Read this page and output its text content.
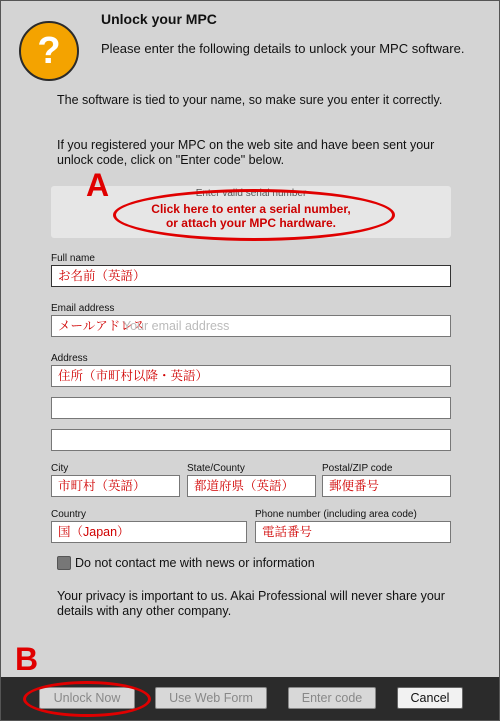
?
Unlock your MPC
Please enter the following details to unlock your MPC software.
The software is tied to your name, so make sure you enter it correctly.
If you registered your MPC on the web site and have been sent your unlock code, click on "Enter code" below.
Enter valid serial number
Click here to enter a serial number,
or attach your MPC hardware.
A
Full name
お名前（英語）
Email address
メールアドレスYour email address
Address
住所（市町村以降・英語）
City
市町村（英語）
State/County
都道府県（英語）
Postal/ZIP code
郵便番号
Country
国（Japan）
Phone number (including area code)
電話番号
Do not contact me with news or information
Your privacy is important to us. Akai Professional will never share your details with any other company.
B
Unlock Now	Use Web Form	Enter code	Cancel
